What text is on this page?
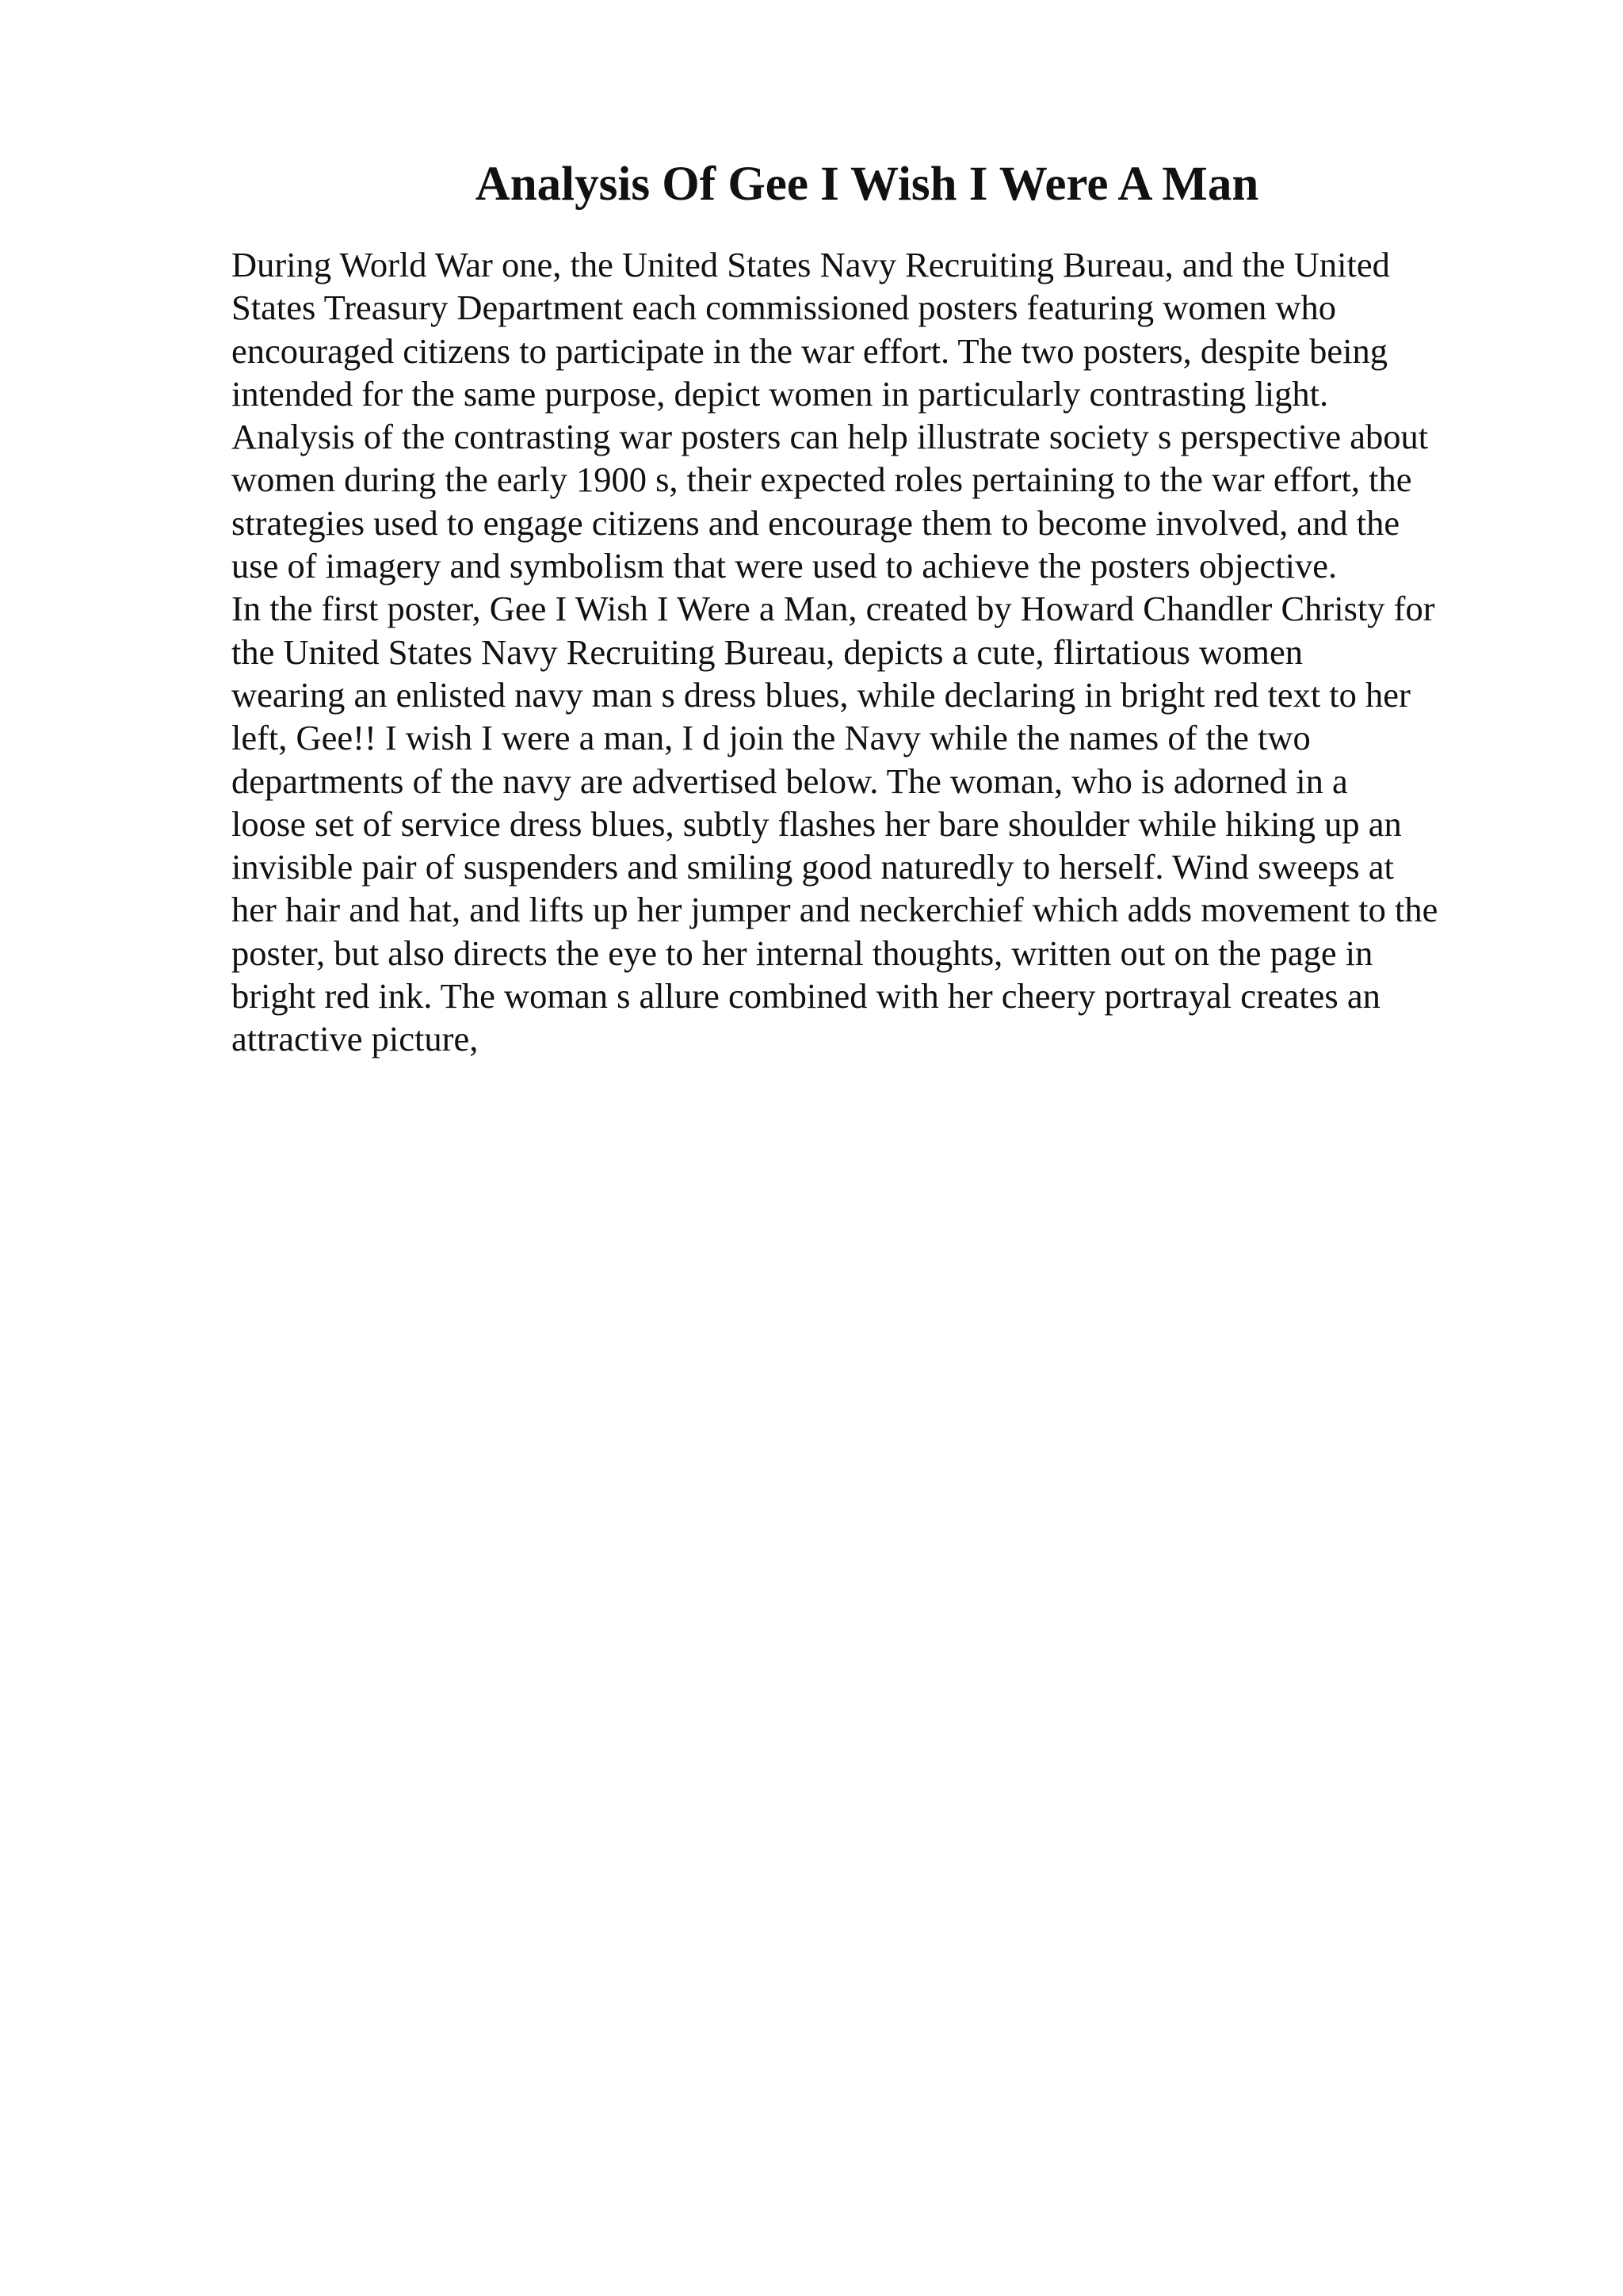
Analysis Of Gee I Wish I Were A Man
During World War one, the United States Navy Recruiting Bureau, and the United
States Treasury Department each commissioned posters featuring women who
encouraged citizens to participate in the war effort. The two posters, despite being
intended for the same purpose, depict women in particularly contrasting light.
Analysis of the contrasting war posters can help illustrate society s perspective about
women during the early 1900 s, their expected roles pertaining to the war effort, the
strategies used to engage citizens and encourage them to become involved, and the
use of imagery and symbolism that were used to achieve the posters objective.
In the first poster, Gee I Wish I Were a Man, created by Howard Chandler Christy for
the United States Navy Recruiting Bureau, depicts a cute, flirtatious women
wearing an enlisted navy man s dress blues, while declaring in bright red text to her
left, Gee!! I wish I were a man, I d join the Navy while the names of the two
departments of the navy are advertised below. The woman, who is adorned in a
loose set of service dress blues, subtly flashes her bare shoulder while hiking up an
invisible pair of suspenders and smiling good naturedly to herself. Wind sweeps at
her hair and hat, and lifts up her jumper and neckerchief which adds movement to the
poster, but also directs the eye to her internal thoughts, written out on the page in
bright red ink. The woman s allure combined with her cheery portrayal creates an
attractive picture,
